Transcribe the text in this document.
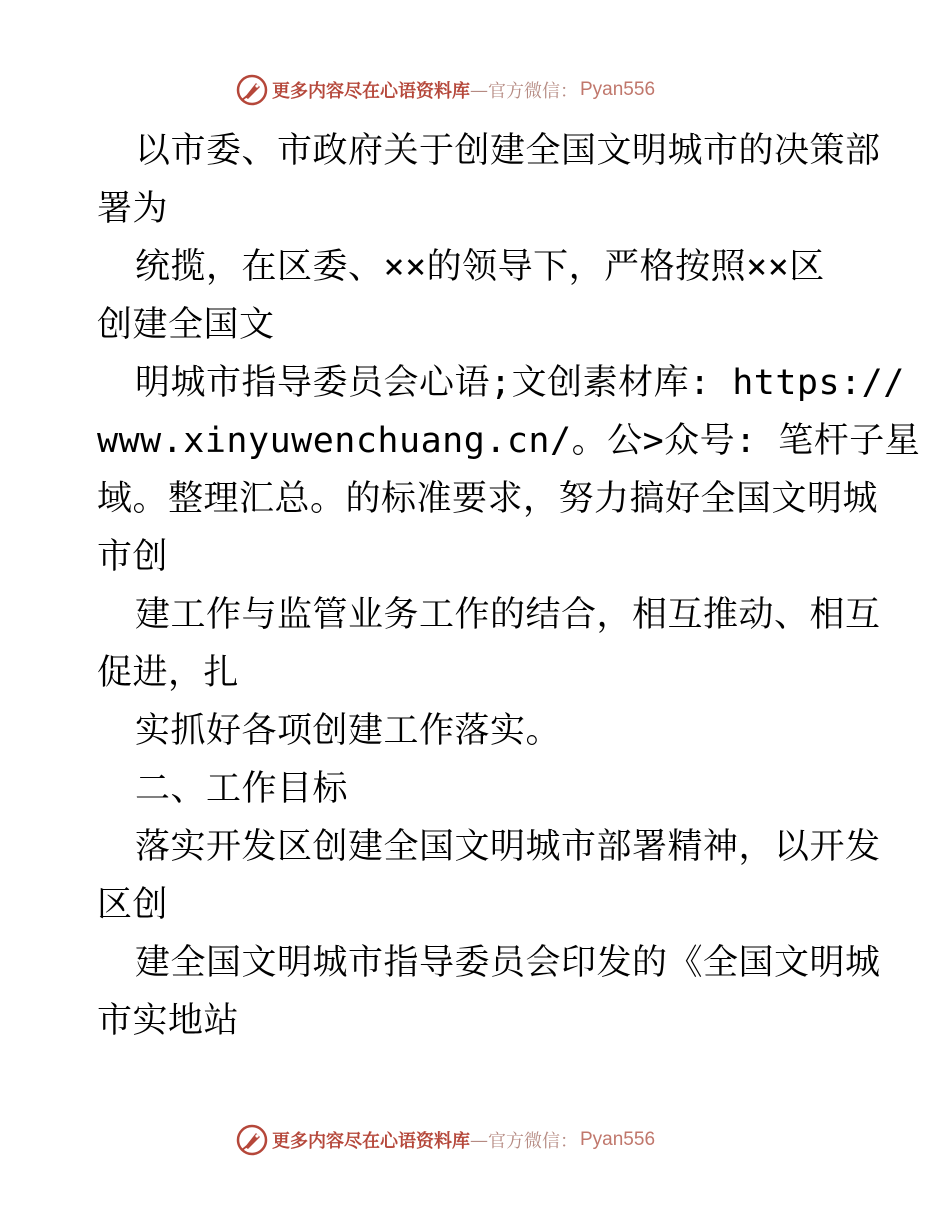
更多内容尽在心语资料库 — 官方微信： Pyan556
以市委、市政府关于创建全国文明城市的决策部
署为
统揽，在区委、××的领导下，严格按照××区
创建全国文
明城市指导委员会心语;文创素材库: https://
www.xinyuwenchuang.cn/。公>众号: 笔杆子星
域。整理汇总。的标准要求，努力搞好全国文明城
市创
建工作与监管业务工作的结合，相互推动、相互
促进，扎
实抓好各项创建工作落实。
二、工作目标
落实开发区创建全国文明城市部署精神，以开发
区创
建全国文明城市指导委员会印发的《全国文明城
市实地站
更多内容尽在心语资料库 — 官方微信： Pyan556
